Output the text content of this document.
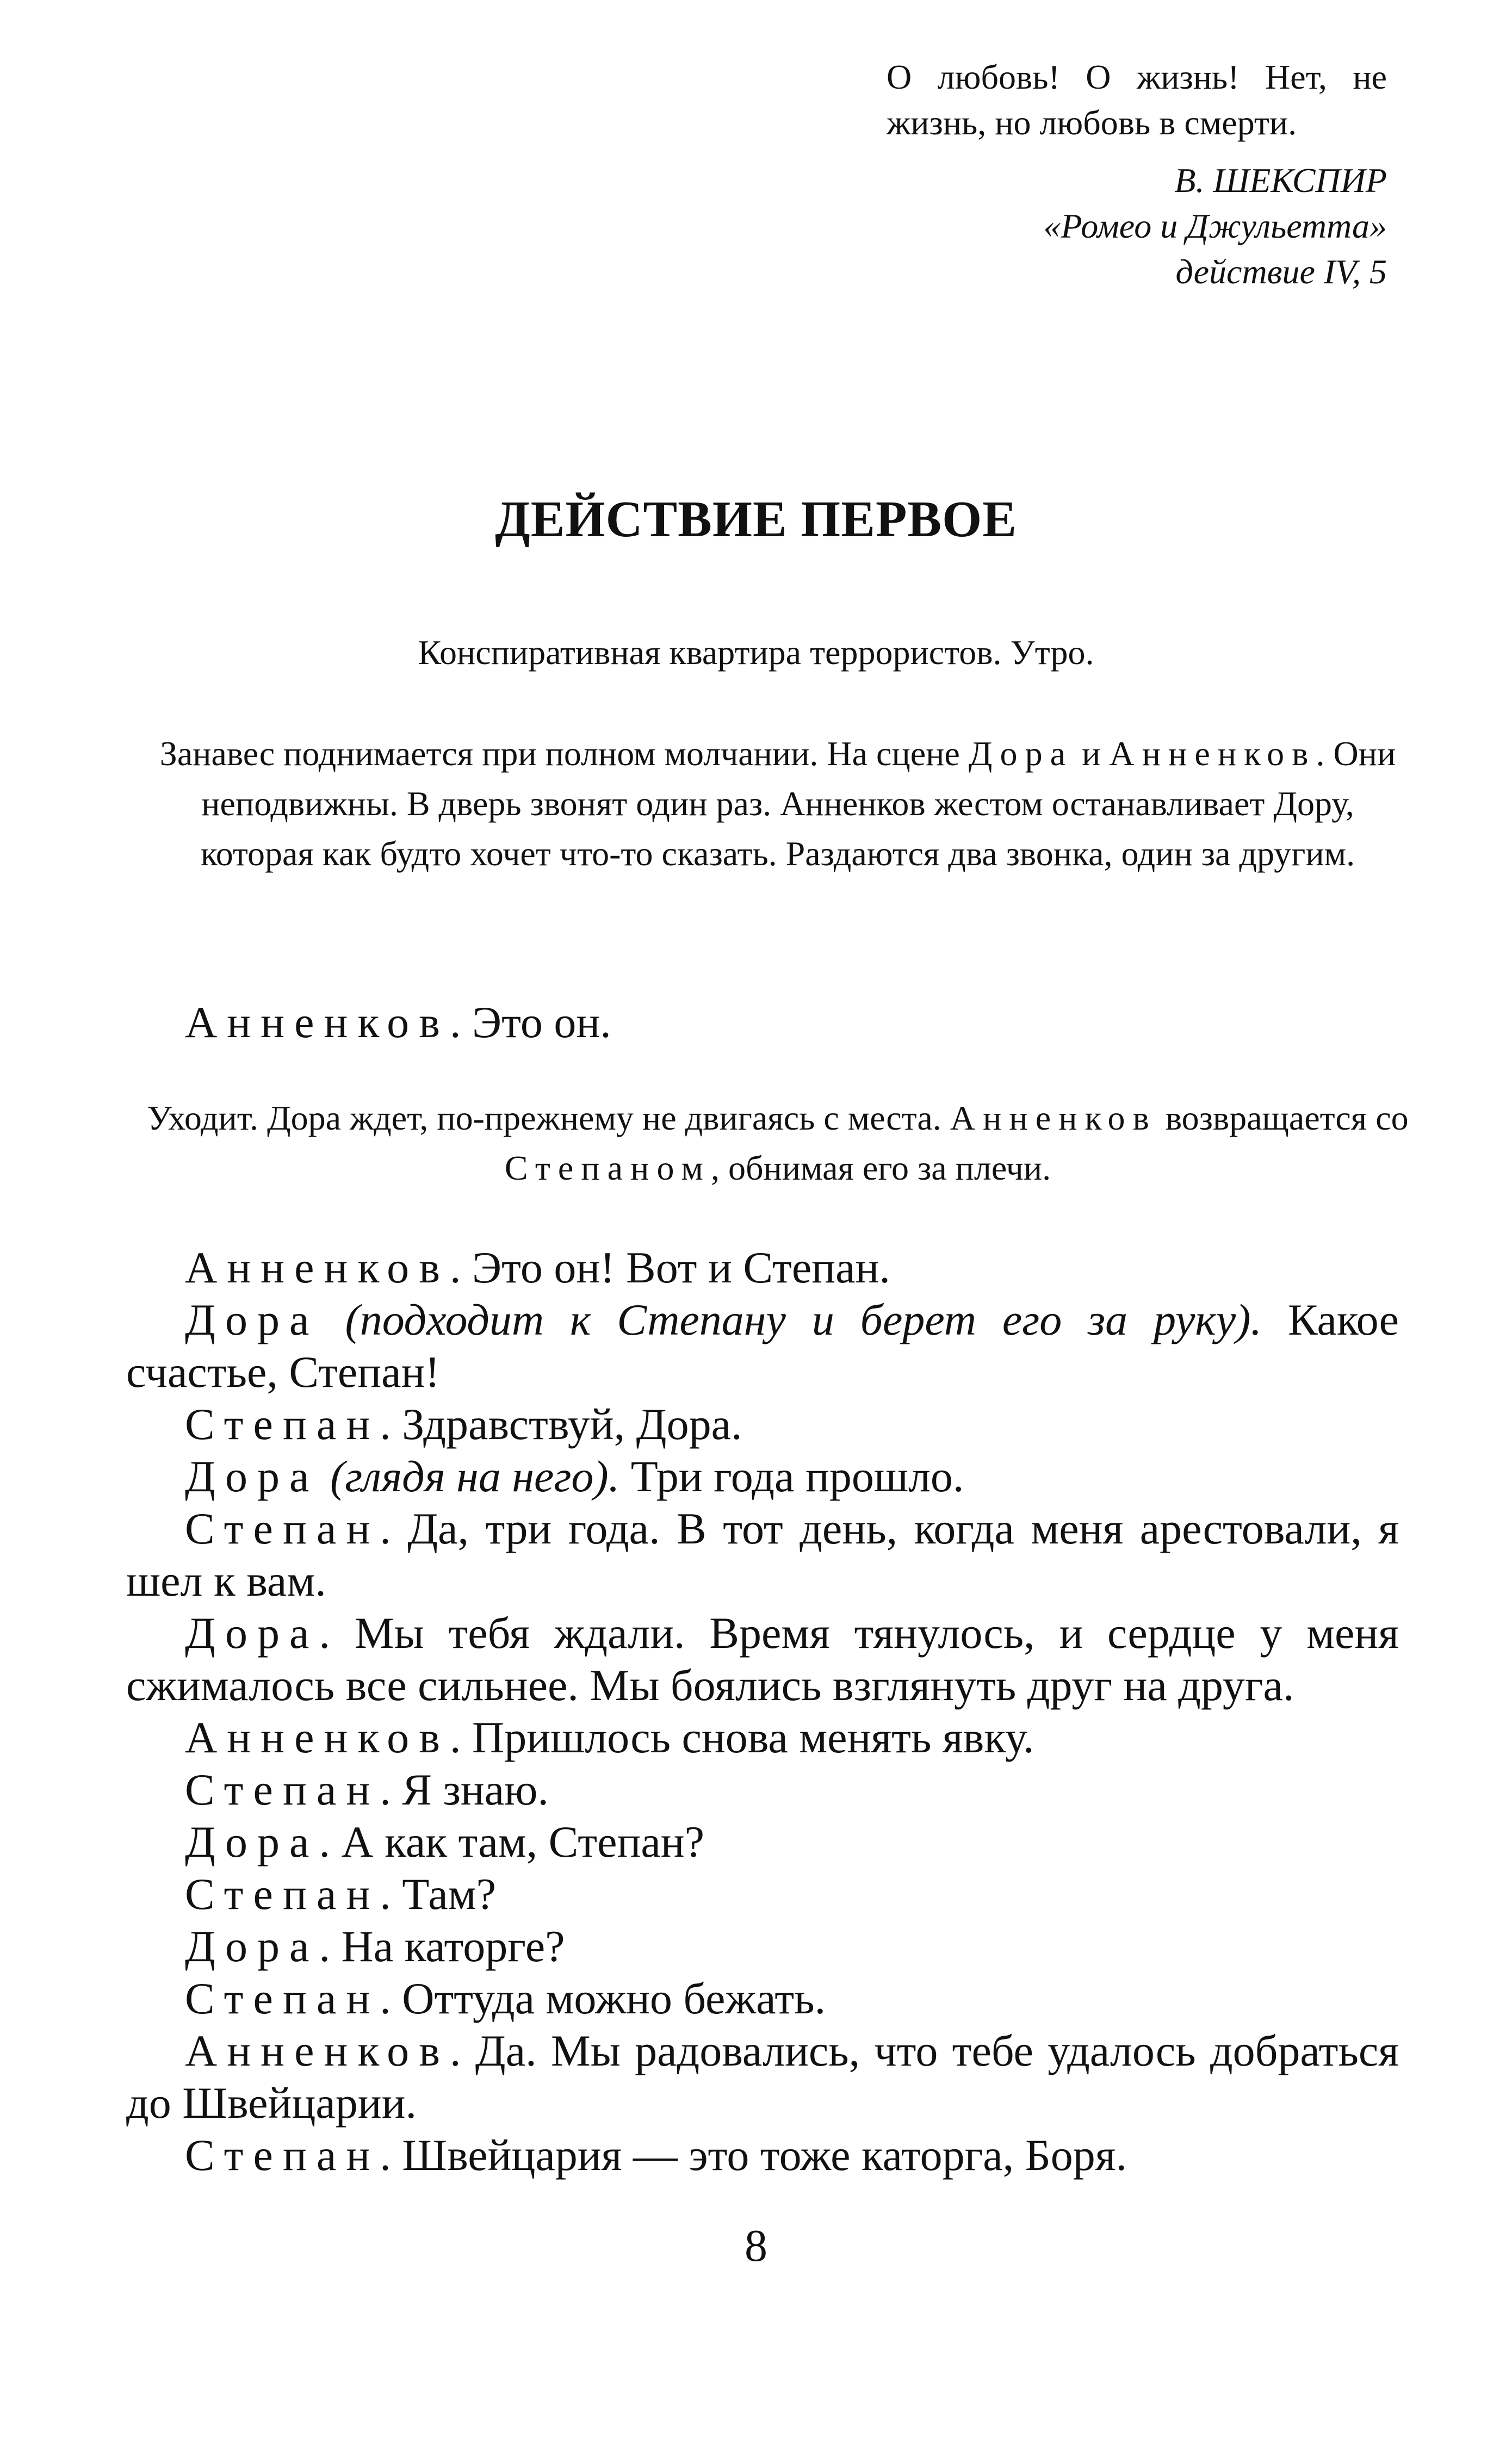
О любовь! О жизнь! Нет, не жизнь, но любовь в смерти.

В. ШЕКСПИР
«Ромео и Джульетта»
действие IV, 5
ДЕЙСТВИЕ ПЕРВОЕ

Конспиративная квартира террористов. Утро.

Занавес поднимается при полном молчании. На сцене Дора и Анненков. Они неподвижны. В дверь звонят один раз. Анненков жестом останавливает Дору, которая как будто хочет что-то сказать. Раздаются два звонка, один за другим.

Анненков. Это он.

Уходит. Дора ждет, по-прежнему не двигаясь с места. Анненков возвращается со Степаном, обнимая его за плечи.

Анненков. Это он! Вот и Степан.

Дора (подходит к Степану и берет его за руку). Какое счастье, Степан!

Степан. Здравствуй, Дора.

Дора (глядя на него). Три года прошло.

Степан. Да, три года. В тот день, когда меня арестовали, я шел к вам.

Дора. Мы тебя ждали. Время тянулось, и сердце у меня сжималось все сильнее. Мы боялись взглянуть друг на друга.

Анненков. Пришлось снова менять явку.

Степан. Я знаю.

Дора. А как там, Степан?

Степан. Там?

Дора. На каторге?

Степан. Оттуда можно бежать.

Анненков. Да. Мы радовались, что тебе удалось добраться до Швейцарии.

Степан. Швейцария — это тоже каторга, Боря.

8
